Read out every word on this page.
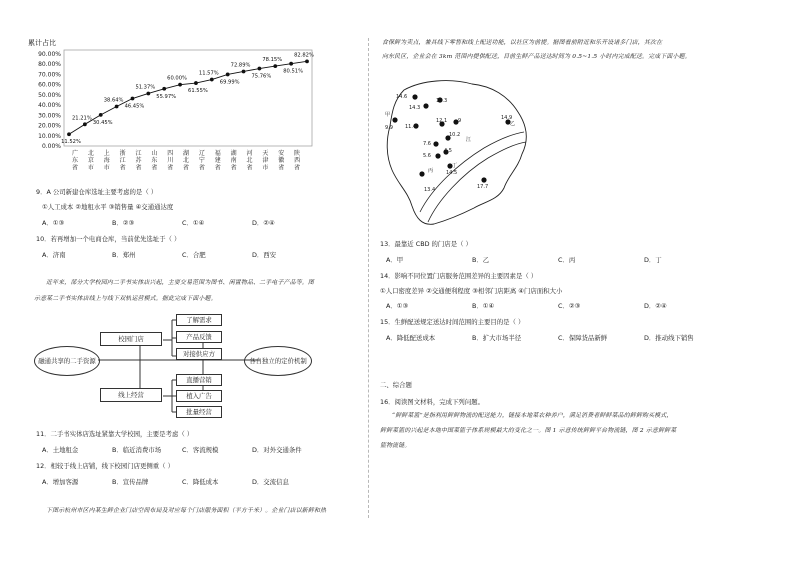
累计占比
0.00%
10.00%
20.00%
30.00%
40.00%
50.00%
60.00%
70.00%
80.00%
90.00%
广东省
北京市
上海市
浙江省
江苏省
山东省
四川省
湖北省
辽宁省
福建省
湖南省
河北省
天津市
安徽省
陕西省
11.52%
21.21%
30.45%
38.64%
46.45%
51.37%
55.97%
60.00%
61.55%
11.57%
69.99%
72.89%
75.76%
78.15%
80.51%
82.82%
9．A 公司新建仓库选址主要考虑的是（ ）
①人工成本 ②地租水平 ③销售量 ④交通通达度
A．①③	B．②③	C．①④	D．②④
10．若再增加一个电商仓库，当前优先选址于（ ）
A．济南	B．郑州	C．合肥	D．西安
近年来，部分大学校园内二手书实体店兴起，主要交易范围为图书、闲置物品、二手电子产品等。图
示意某二手书实体店线上与线下双轨运营模式。据此完成下面小题。
融通共享的二手资源	各自独立的定价机制
校园门店
线上经营
了解需求
产品反馈
对接供应方
直播营销
植入广告
批量经营
11．二手书实体店选址紧靠大学校园，主要是考虑（ ）
A．土地租金	B．临近消费市场	C．客流规模	D．对外交通条件
12．相较于线上店铺，线下校园门店更侧重（ ）
A．增加客源	B．宣传品牌	C．降低成本	D．交流信息
下图示杭州市区内某生鲜企业门店空间布局及对应每个门店服务面积（平方千米）。企业门店以新鲜和热
食保鲜为卖点，兼具线下零售和线上配送功能，以社区为前提。据图看前附近和乐开设诸多门店，其次在
向东民区，企业会在 3km 范围内提供配送，目前生鲜产品送达时间为 0.5~1.5 小时内完成配送。完成下面小题。
14.6
10.3
14.3
甲
9.9 11.4
12.1 9
10.2
7.6
5.6
4.5
江
丁
14.5
丙
13.4	17.7
14.9
乙
13．最靠近 CBD 的门店是（ ）
A．甲	B．乙	C．丙	D．丁
14．影响不同位置门店服务范围差异的主要因素是（ ）
①人口密度差异 ②交通便利程度 ③相邻门店距离 ④门店面积大小
A．①③	B．①④	C．②③	D．②④
15．生鲜配送规定送达时间范围的主要目的是（ ）
A．降低配送成本	B．扩大市场半径	C．保障货品新鲜	D．推动线下销售
二、综合题
16．阅读图文材料，完成下列问题。
“鲜鲜菜篮”是指利用鲜鲜物流的配送能力，链接本地菜农种养户，满足消费者鲜鲜菜品的鲜鲜购买模式，
鲜鲜菜篮的兴起是本地中国菜篮子体系规模最大的变化之一。图 1 示意传统鲜鲜平台物流链，图 2 示意鲜鲜菜
篮物流链。
